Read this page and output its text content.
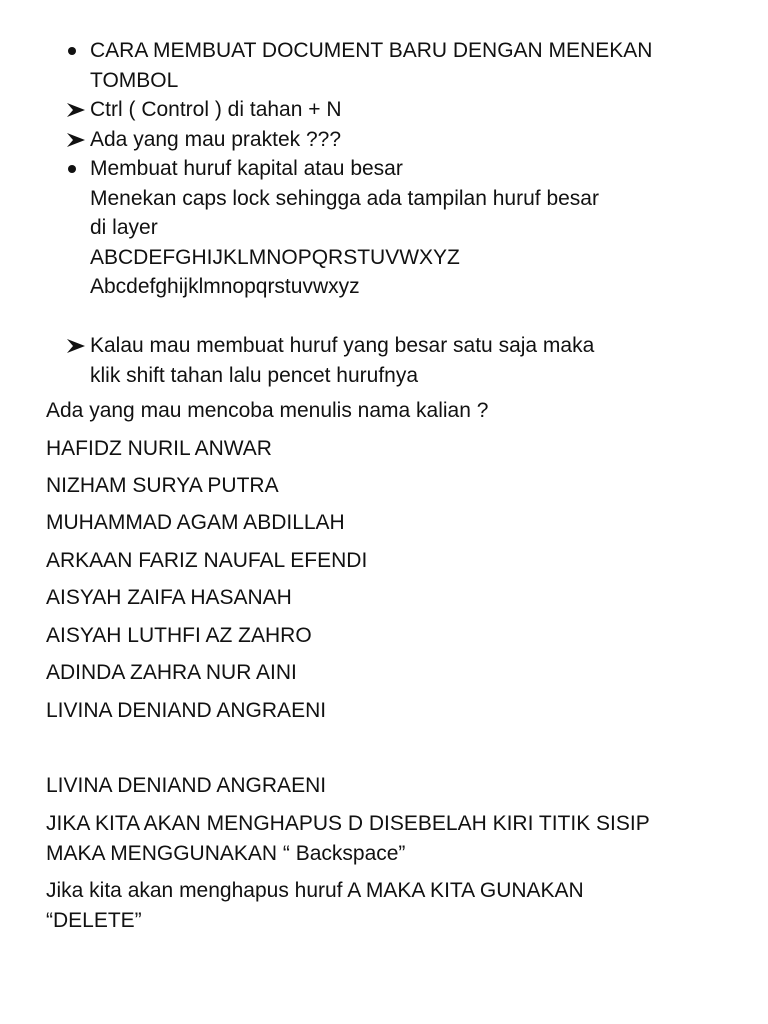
CARA MEMBUAT DOCUMENT BARU DENGAN MENEKAN
TOMBOL
Ctrl ( Control ) di tahan + N
Ada yang mau praktek ???
Membuat huruf kapital atau besar
Menekan caps lock sehingga ada tampilan huruf besar
di layer
ABCDEFGHIJKLMNOPQRSTUVWXYZ
Abcdefghijklmnopqrstuvwxyz
Kalau mau membuat huruf yang besar satu saja maka
klik shift tahan lalu pencet hurufnya

Ada yang mau mencoba menulis nama kalian ?

HAFIDZ NURIL ANWAR

NIZHAM SURYA PUTRA

MUHAMMAD AGAM ABDILLAH

ARKAAN FARIZ NAUFAL EFENDI

AISYAH ZAIFA HASANAH

AISYAH LUTHFI AZ ZAHRO

ADINDA ZAHRA NUR AINI

LIVINA DENIAND ANGRAENI

LIVINA DENIAND ANGRAENI

JIKA KITA AKAN MENGHAPUS D DISEBELAH KIRI TITIK SISIP
MAKA MENGGUNAKAN “ Backspace”

Jika kita akan menghapus huruf A MAKA KITA GUNAKAN
“DELETE”
